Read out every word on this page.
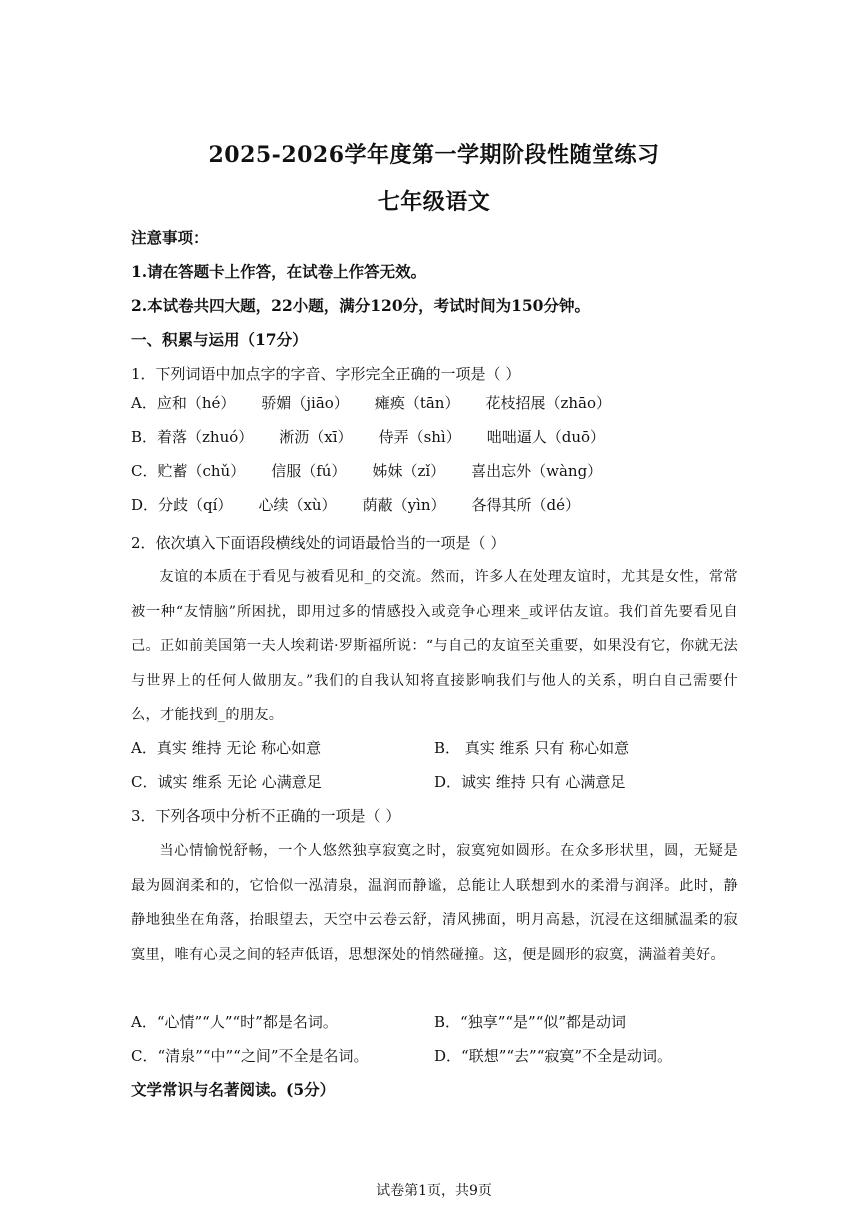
2025-2026学年度第一学期阶段性随堂练习
七年级语文
注意事项：
1.请在答题卡上作答，在试卷上作答无效。
2.本试卷共四大题，22小题，满分120分，考试时间为150分钟。
一、积累与运用（17分）
1．下列词语中加点字的字音、字形完全正确的一项是（ ）
A．应和（hé） 骄媚（jiāo） 瘫痪（tān） 花枝招展（zhāo）
B．着落（zhuó） 淅沥（xī） 侍弄（shì） 咄咄逼人（duō）
C．贮蓄（chǔ） 信服（fú） 姊妹（zǐ） 喜出忘外（wàng）
D．分歧（qí） 心续（xù） 荫蔽（yìn） 各得其所（dé）
2．依次填入下面语段横线处的词语最恰当的一项是（ ）
友谊的本质在于看见与被看见和_的交流。然而，许多人在处理友谊时，尤其是女性，常常被一种“友情脑”所困扰，即用过多的情感投入或竞争心理来_或评估友谊。我们首先要看见自己。正如前美国第一夫人埃莉诺·罗斯福所说：“与自己的友谊至关重要，如果没有它，你就无法与世界上的任何人做朋友。”我们的自我认知将直接影响我们与他人的关系，明白自己需要什么，才能找到_的朋友。
A．真实 维持 无论 称心如意	B． 真实 维系 只有 称心如意
C．诚实 维系 无论 心满意足	D．诚实 维持 只有 心满意足
3．下列各项中分析不正确的一项是（ ）
当心情愉悦舒畅，一个人悠然独享寂寞之时，寂寞宛如圆形。在众多形状里，圆，无疑是最为圆润柔和的，它恰似一泓清泉，温润而静谧，总能让人联想到水的柔滑与润泽。此时，静静地独坐在角落，抬眼望去，天空中云卷云舒，清风拂面，明月高悬，沉浸在这细腻温柔的寂寞里，唯有心灵之间的轻声低语，思想深处的悄然碰撞。这，便是圆形的寂寞，满溢着美好。
A．“心情”“人”“时”都是名词。	B．“独享”“是”“似”都是动词
C．“清泉”“中”“之间”不全是名词。	D．“联想”“去”“寂寞”不全是动词。
文学常识与名著阅读。(5分）
试卷第1页，共9页
